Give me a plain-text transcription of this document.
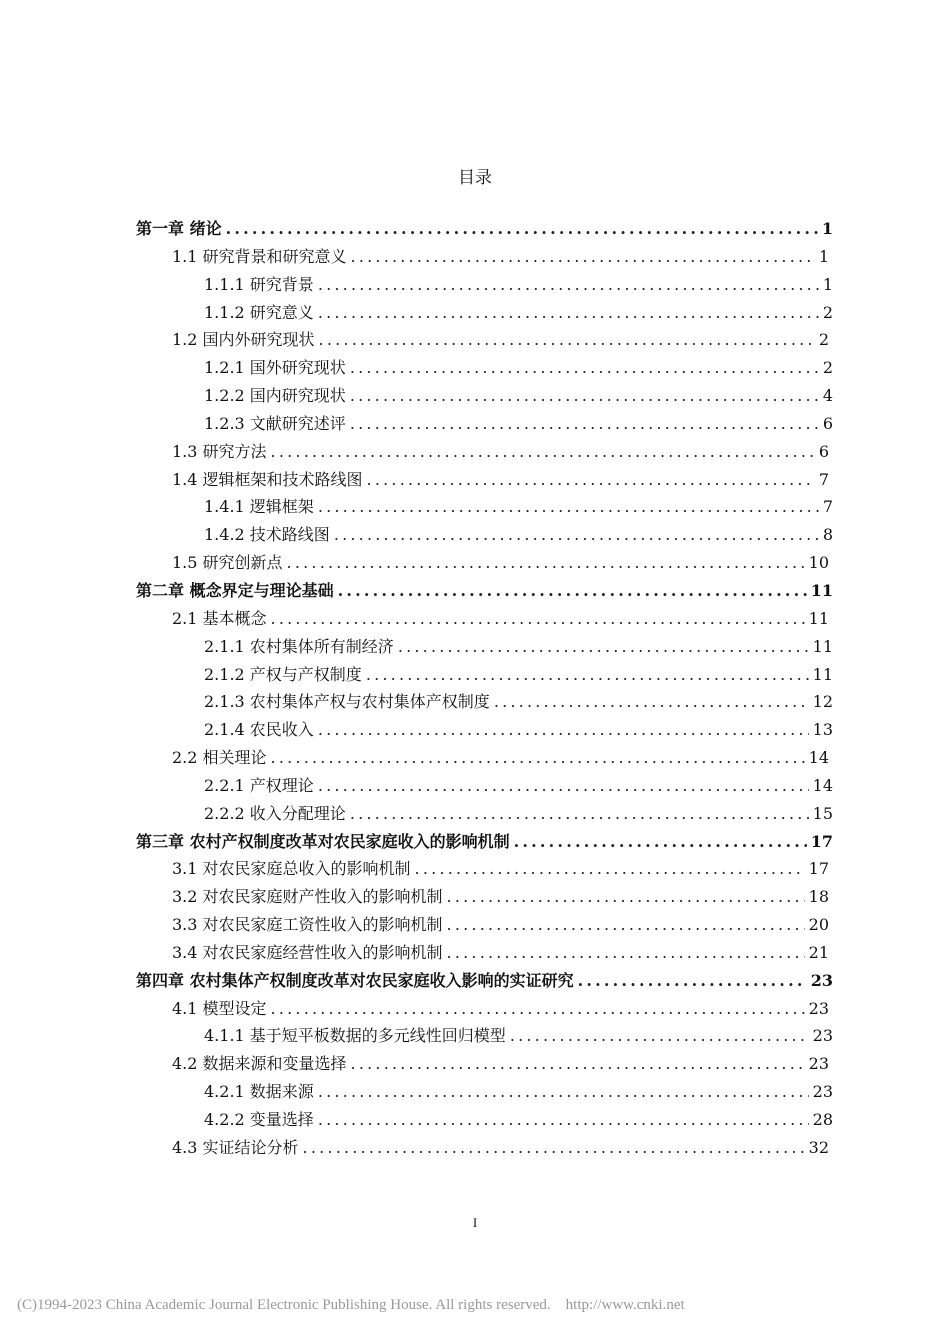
目录
第一章 绪论 .....	1
1.1 研究背景和研究意义 .....	1
1.1.1 研究背景 .....	1
1.1.2 研究意义 .....	2
1.2 国内外研究现状 .....	2
1.2.1 国外研究现状 .....	2
1.2.2 国内研究现状 .....	4
1.2.3 文献研究述评 .....	6
1.3 研究方法 .....	6
1.4 逻辑框架和技术路线图 .....	7
1.4.1 逻辑框架 .....	7
1.4.2 技术路线图 .....	8
1.5 研究创新点 .....	10
第二章 概念界定与理论基础 .....	11
2.1 基本概念 .....	11
2.1.1 农村集体所有制经济 .....	11
2.1.2 产权与产权制度 .....	11
2.1.3 农村集体产权与农村集体产权制度 .....	12
2.1.4 农民收入 .....	13
2.2 相关理论 .....	14
2.2.1 产权理论 .....	14
2.2.2 收入分配理论 .....	15
第三章 农村产权制度改革对农民家庭收入的影响机制 .....	17
3.1 对农民家庭总收入的影响机制 .....	17
3.2 对农民家庭财产性收入的影响机制 .....	18
3.3 对农民家庭工资性收入的影响机制 .....	20
3.4 对农民家庭经营性收入的影响机制 .....	21
第四章 农村集体产权制度改革对农民家庭收入影响的实证研究 .....	23
4.1 模型设定 .....	23
4.1.1 基于短平板数据的多元线性回归模型 .....	23
4.2 数据来源和变量选择 .....	23
4.2.1 数据来源 .....	23
4.2.2 变量选择 .....	28
4.3 实证结论分析 .....	32
I
(C)1994-2023 China Academic Journal Electronic Publishing House. All rights reserved.    http://www.cnki.net
